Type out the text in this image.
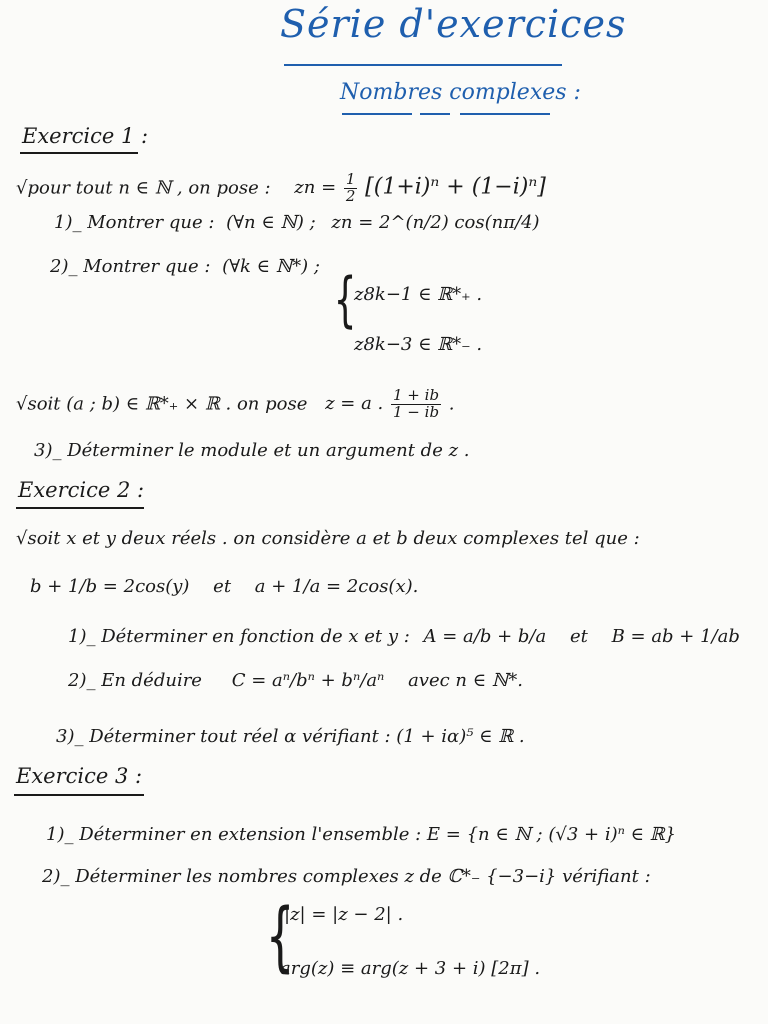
Série d'exercices
Nombres complexes :
Exercice 1 :
√pour tout n ∈ ℕ , on pose : zn = $\frac{1}{2} [(1+i)^n + (1-i)^n]$
1)_ Montrer que : (∀n ∈ ℕ) ; zn = 2^(n/2) cos(nπ/4)
2)_ Montrer que : (∀k ∈ ℕ*) ; {
z8k−1 ∈ ℝ*₊ .
z8k−3 ∈ ℝ*₋ .
√soit (a ; b) ∈ ℝ*₊ × ℝ . on pose z = a . $\frac{1 + ib}{1 - ib}$ .
3)_ Déterminer le module et un argument de z .
Exercice 2 :
√soit x et y deux réels . on considère a et b deux complexes tel que :
b + 1/b = 2cos(y) et a + 1/a = 2cos(x).
1)_ Déterminer en fonction de x et y : A = a/b + b/a et B = ab + 1/ab
2)_ En déduire C = aⁿ/bⁿ + bⁿ/aⁿ avec n ∈ ℕ*.
3)_ Déterminer tout réel α vérifiant : (1 + iα)⁵ ∈ ℝ .
Exercice 3 :
1)_ Déterminer en extension l'ensemble : E = {n ∈ ℕ ; (√3 + i)ⁿ ∈ ℝ}
2)_ Déterminer les nombres complexes z de ℂ*₋ {−3−i} vérifiant :
{
|z| = |z − 2| .
arg(z) ≡ arg(z + 3 + i) [2π] .
